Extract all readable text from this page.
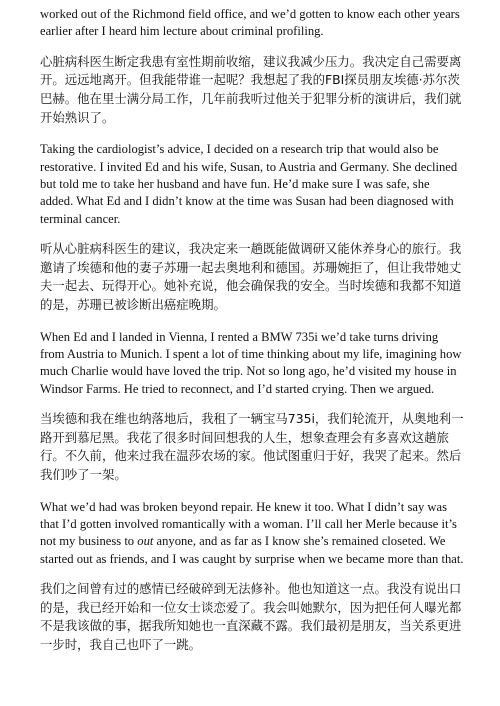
worked out of the Richmond field office, and we’d gotten to know each other years earlier after I heard him lecture about criminal profiling.

心脏病科医生断定我患有室性期前收缩，建议我减少压力。我决定自己需要离开。远远地离开。但我能带谁一起呢？我想起了我的FBI探员朋友埃德·苏尔茨巴赫。他在里士满分局工作，几年前我听过他关于犯罪分析的演讲后，我们就开始熟识了。

Taking the cardiologist’s advice, I decided on a research trip that would also be restorative. I invited Ed and his wife, Susan, to Austria and Germany. She declined but told me to take her husband and have fun. He’d make sure I was safe, she added. What Ed and I didn’t know at the time was Susan had been diagnosed with terminal cancer.

听从心脏病科医生的建议，我决定来一趟既能做调研又能休养身心的旅行。我邀请了埃德和他的妻子苏珊一起去奥地利和德国。苏珊婉拒了，但让我带她丈夫一起去、玩得开心。她补充说，他会确保我的安全。当时埃德和我都不知道的是，苏珊已被诊断出癌症晚期。

When Ed and I landed in Vienna, I rented a BMW 735i we’d take turns driving from Austria to Munich. I spent a lot of time thinking about my life, imagining how much Charlie would have loved the trip. Not so long ago, he’d visited my house in Windsor Farms. He tried to reconnect, and I’d started crying. Then we argued.

当埃德和我在维也纳落地后，我租了一辆宝马735i，我们轮流开，从奥地利一路开到慕尼黑。我花了很多时间回想我的人生，想象查理会有多喜欢这趟旅行。不久前，他来过我在温莎农场的家。他试图重归于好，我哭了起来。然后我们吵了一架。

What we’d had was broken beyond repair. He knew it too. What I didn’t say was that I’d gotten involved romantically with a woman. I’ll call her Merle because it’s not my business to out anyone, and as far as I know she’s remained closeted. We started out as friends, and I was caught by surprise when we became more than that.

我们之间曾有过的感情已经破碎到无法修补。他也知道这一点。我没有说出口的是，我已经开始和一位女士谈恋爱了。我会叫她默尔，因为把任何人曝光都不是我该做的事，据我所知她也一直深藏不露。我们最初是朋友，当关系更进一步时，我自己也吓了一跳。
